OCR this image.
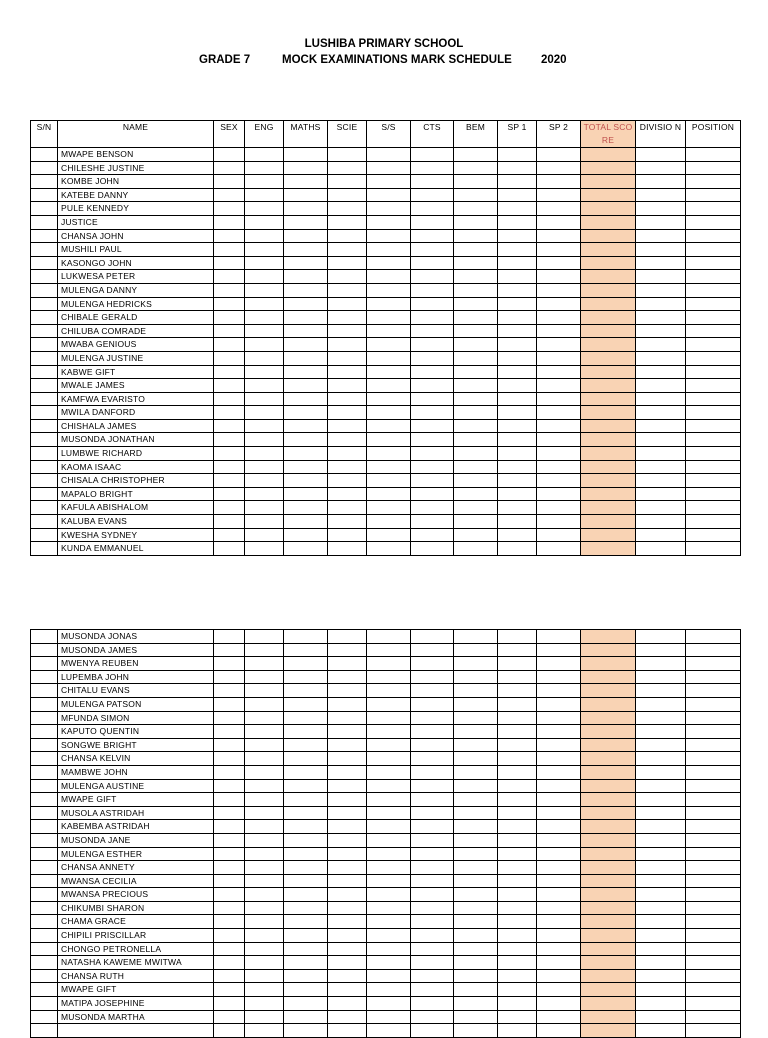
LUSHIBA PRIMARY SCHOOL
GRADE 7	MOCK EXAMINATIONS MARK SCHEDULE	2020
S/N	NAME	SEX	ENG	MATHS	SCIE	S/S	CTS	BEM	SP 1	SP 2	TOTAL SCORE	DIVISIO N	POSITION
	MWAPE BENSON												
	CHILESHE JUSTINE												
	KOMBE JOHN												
	KATEBE DANNY												
	PULE KENNEDY												
	JUSTICE												
	CHANSA JOHN												
	MUSHILI PAUL												
	KASONGO JOHN												
	LUKWESA PETER												
	MULENGA DANNY												
	MULENGA HEDRICKS												
	CHIBALE GERALD												
	CHILUBA COMRADE												
	MWABA GENIOUS												
	MULENGA JUSTINE												
	KABWE GIFT												
	MWALE JAMES												
	KAMFWA EVARISTO												
	MWILA DANFORD												
	CHISHALA JAMES												
	MUSONDA JONATHAN												
	LUMBWE RICHARD												
	KAOMA ISAAC												
	CHISALA CHRISTOPHER												
	MAPALO BRIGHT												
	KAFULA ABISHALOM												
	KALUBA EVANS												
	KWESHA SYDNEY												
	KUNDA EMMANUEL												
	MUSONDA JONAS												
	MUSONDA JAMES												
	MWENYA REUBEN												
	LUPEMBA JOHN												
	CHITALU EVANS												
	MULENGA PATSON												
	MFUNDA SIMON												
	KAPUTO QUENTIN												
	SONGWE BRIGHT												
	CHANSA KELVIN												
	MAMBWE JOHN												
	MULENGA AUSTINE												
	MWAPE GIFT												
	MUSOLA ASTRIDAH												
	KABEMBA ASTRIDAH												
	MUSONDA JANE												
	MULENGA ESTHER												
	CHANSA ANNETY												
	MWANSA CECILIA												
	MWANSA PRECIOUS												
	CHIKUMBI SHARON												
	CHAMA GRACE												
	CHIPILI PRISCILLAR												
	CHONGO PETRONELLA												
	NATASHA KAWEME MWITWA												
	CHANSA RUTH												
	MWAPE GIFT												
	MATIPA JOSEPHINE												
	MUSONDA MARTHA												
